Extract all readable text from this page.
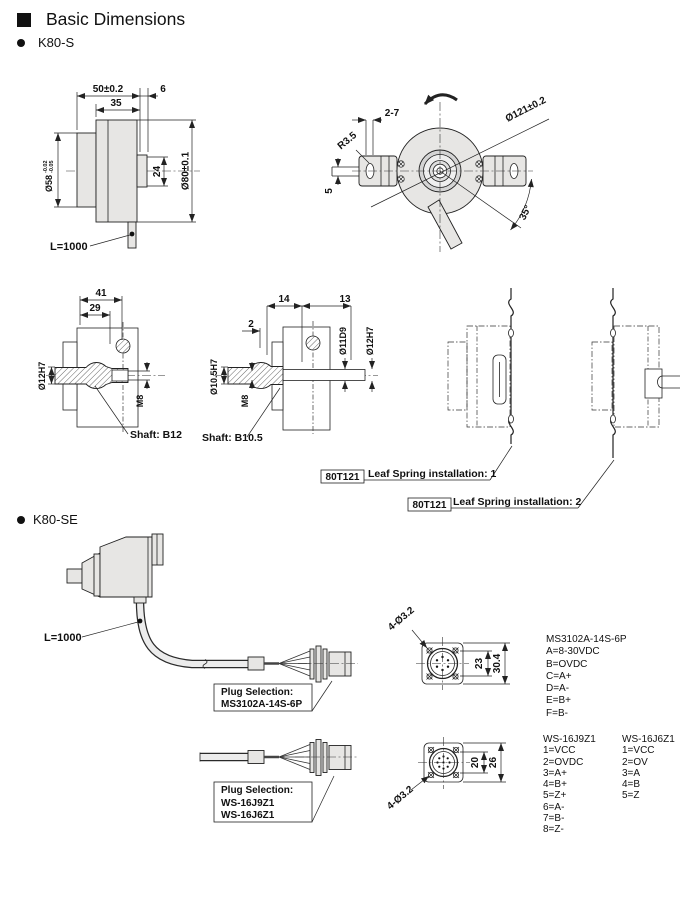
Basic Dimensions
K80-S
K80-SE
50±0.2
35
6
24 Ø80±0.1
Ø58
-0.02 -0.05
L=1000
2-7
R3.5
5
Ø121±0.2
35°
41
29
Ø12H7
M8
Shaft: B12
14	13
2
Ø10.5H7
M8
Ø11D9 Ø12H7
Shaft: B10.5
80T121 Leaf Spring installation: 1
80T121 Leaf Spring installation: 2
L=1000
Plug Selection:
MS3102A-14S-6P
Plug Selection:
WS-16J9Z1
WS-16J6Z1
4-Ø3.2
23 30.4
4-Ø3.2
20 26
MS3102A-14S-6P
A=8-30VDC
B=OVDC
C=A+
D=A-
E=B+
F=B-
WS-16J9Z1
1=VCC
2=OVDC
3=A+
4=B+
5=Z+
6=A-
7=B-
8=Z-
WS-16J6Z1
1=VCC
2=OV
3=A
4=B
5=Z
